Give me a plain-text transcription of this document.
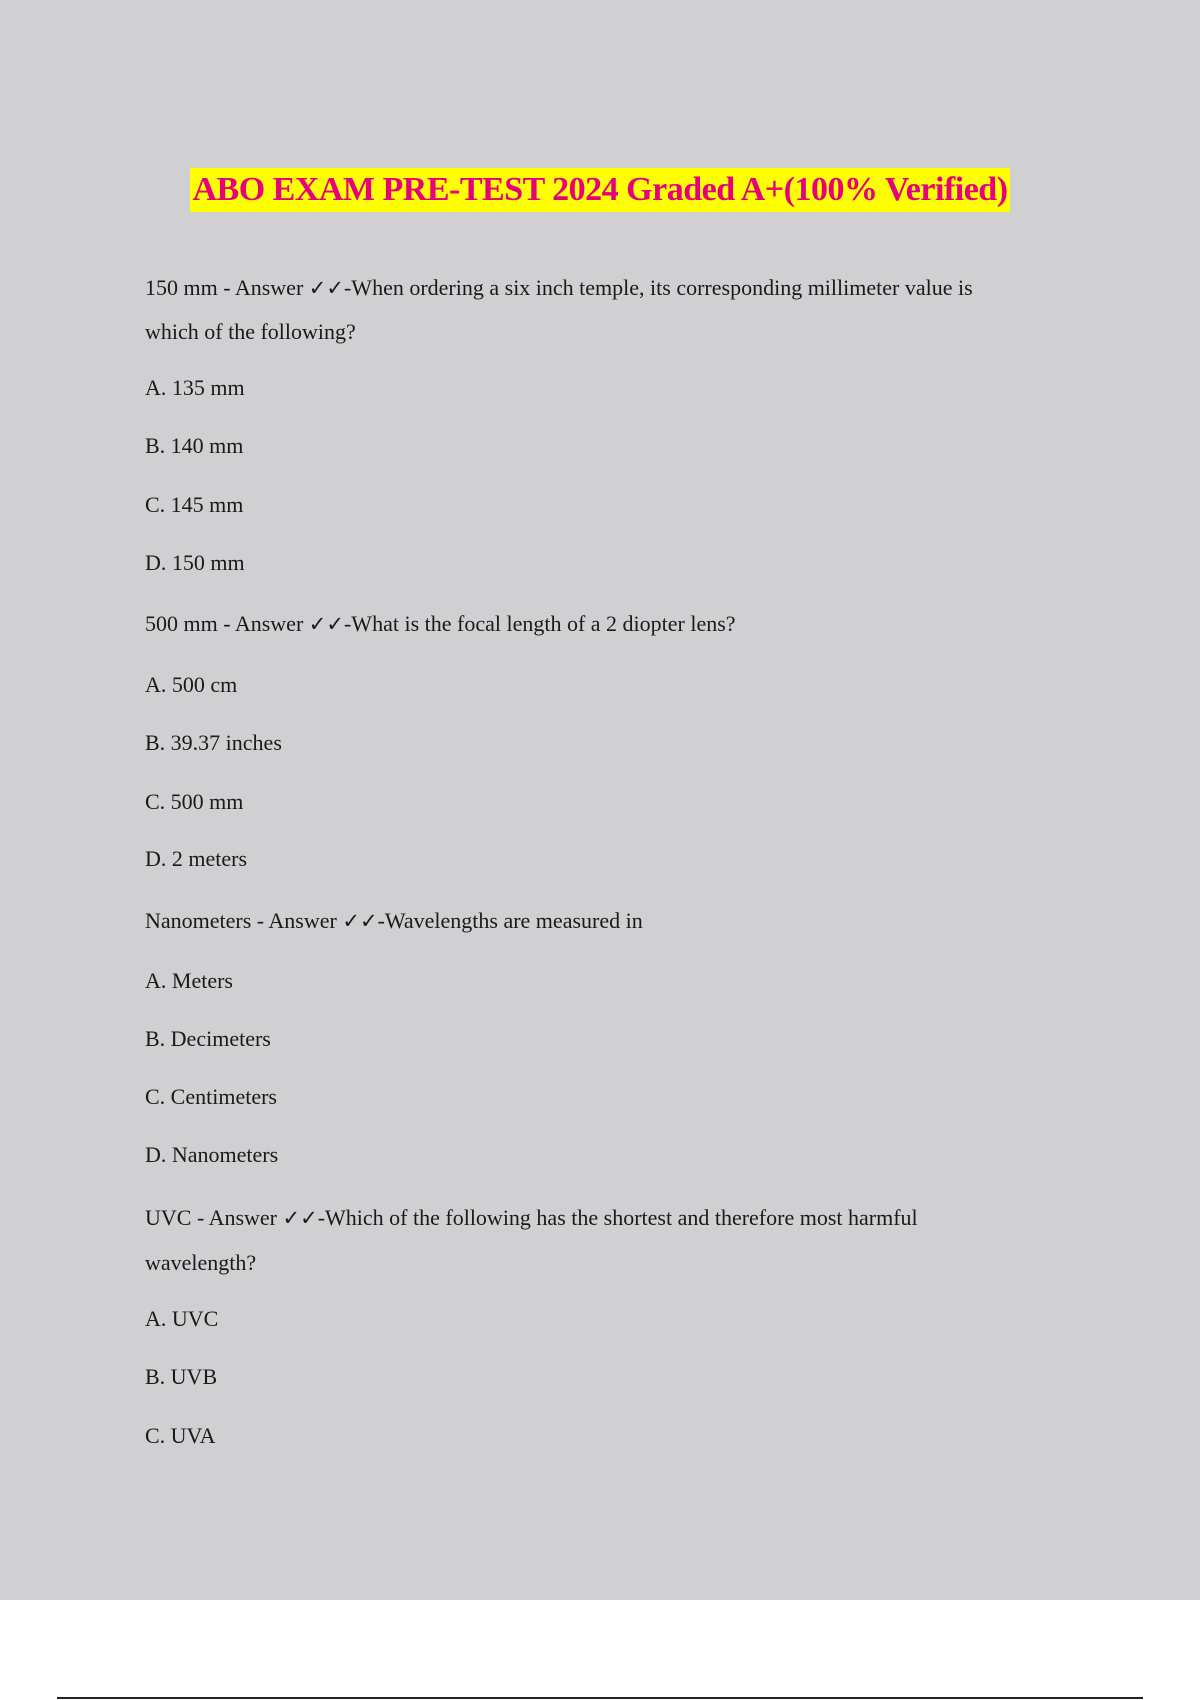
ABO EXAM PRE-TEST 2024 Graded A+(100% Verified)
150 mm - Answer ✓✓-When ordering a six inch temple, its corresponding millimeter value is
which of the following?
A. 135 mm
B. 140 mm
C. 145 mm
D. 150 mm
500 mm - Answer ✓✓-What is the focal length of a 2 diopter lens?
A. 500 cm
B. 39.37 inches
C. 500 mm
D. 2 meters
Nanometers - Answer ✓✓-Wavelengths are measured in
A. Meters
B. Decimeters
C. Centimeters
D. Nanometers
UVC - Answer ✓✓-Which of the following has the shortest and therefore most harmful
wavelength?
A. UVC
B. UVB
C. UVA
